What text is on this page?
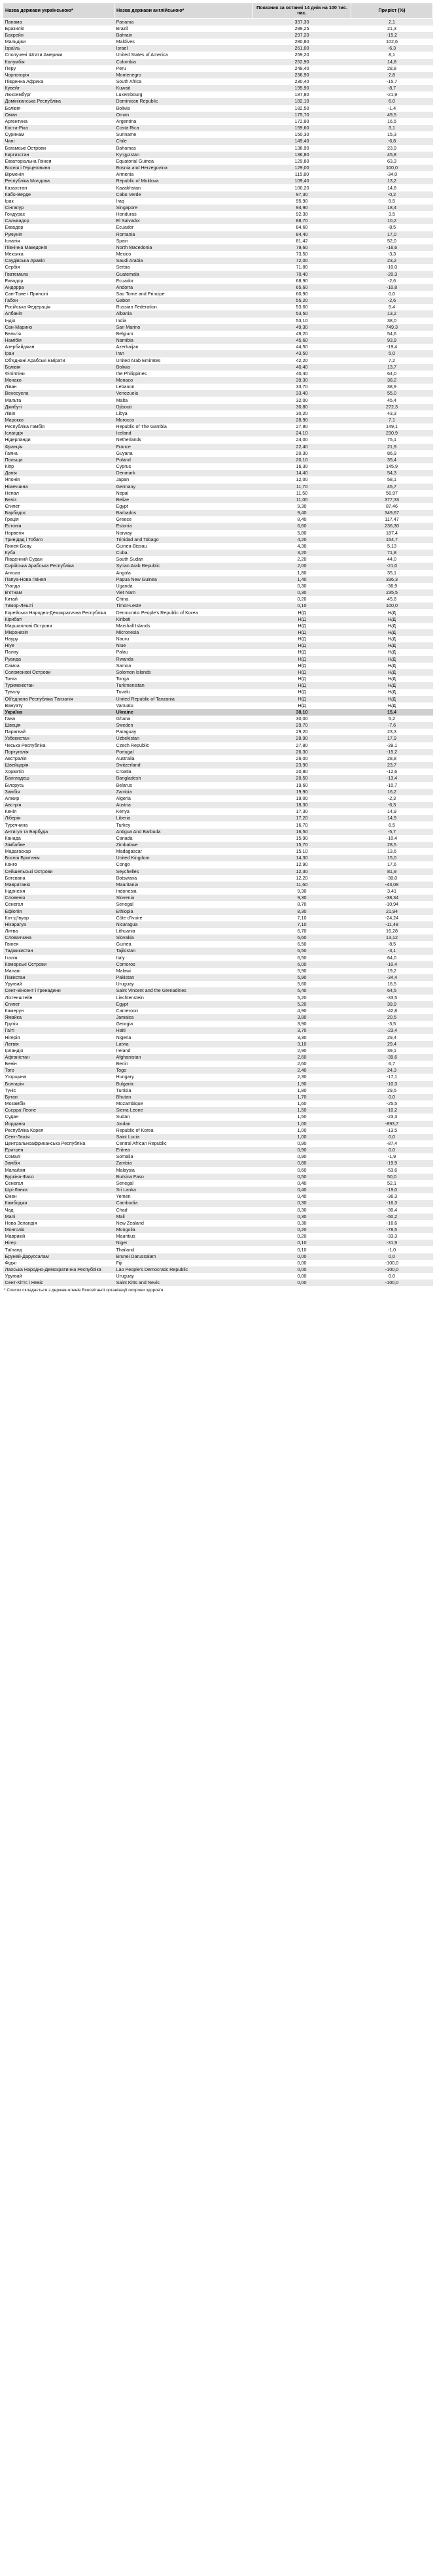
Назва держави українською*	Назва держави англійською*	Показник за останні 14 днів на 100 тис. нас.	Приріст (%)
Панама	Panama	337,30	2,1
Бразилія	Brazil	299,25	21,3
Бахрейн	Bahrain	297,20	-15,2
Мальдіви	Maldives	280,80	102,6
Ізраїль	Israel	261,00	-6,3
Сполучені Штати Америки	United States of America	259,20	8,1
Колумбія	Colombia	252,90	14,8
Перу	Peru	249,40	28,8
Чорногорія	Montenegro	236,90	2,8
Південна Африка	South Africa	230,40	-15,7
Кувейт	Kuwait	195,90	-8,7
Люксембург	Luxembourg	187,80	-21,9
Домініканська Республіка	Dominican Republic	182,10	6,0
Болівія	Bolivia	182,50	-1,4
Оман	Oman	175,70	49,5
Аргентина	Argentina	172,90	16,5
Коста-Ріка	Costa Rica	159,60	3,1
Суринам	Suriname	150,30	15,3
Чилі	Chile	149,40	-6,8
Багамські Острови	Bahamas	138,90	23,9
Киргизстан	Kyrgyzstan	136,80	45,8
Екваторіальна Гвінея	Equatorial Guinea	129,80	63,3
Боснія і Герцеговина	Bosnia and Herzegovina	129,00	100,0
Вірменія	Armenia	115,80	-34,0
Республіка Молдова	Republic of Moldova	109,40	13,2
Казахстан	Kazakhstan	100,20	14,8
Кабо-Верде	Cabo Verde	97,30	-0,2
Ірак	Iraq	95,90	9,5
Сінгапур	Singapore	94,90	18,4
Гондурас	Honduras	92,30	3,5
Сальвадор	El Salvador	88,70	10,2
Еквадор	Ecuador	84,60	-8,5
Румунія	Romania	84,40	17,0
Іспанія	Spain	81,42	52,0
Північна Македонія	North Macedonia	79,60	-16,6
Мексика	Mexico	73,50	-3,3
Саудівська Аравія	Saudi Arabia	72,00	23,2
Сербія	Serbia	71,80	-10,0
Гватемала	Guatemala	70,40	-20,3
Еквадор	Ecuador	68,90	-2,6
Андорра	Andorra	65,60	-10,8
Сан-Томе і Принсіпі	Sao Tome and Principe	60,90	0,0
Габон	Gabon	55,20	-2,6
Російська Федерація	Russian Federation	53,60	5,4
Албанія	Albania	53,50	13,2
Індія	India	53,10	38,0
Сан-Марино	San Marino	49,30	749,3
Бельгія	Belgium	49,20	54,6
Намібія	Namibia	45,60	93,9
Азербайджан	Azerbaijan	44,50	-19,4
Іран	Iran	43,50	5,0
Об'єднані Арабські Емірати	United Arab Emirates	42,20	7,2
Болівія	Bolivia	40,40	13,7
Філіппіни	the Philippines	40,40	64,0
Монако	Monaco	39,30	38,2
Ліван	Lebanon	33,70	38,9
Венесуела	Venezuela	33,40	55,0
Мальта	Malta	32,00	45,4
Джибуті	Djibouti	30,80	272,3
Лівія	Libya	30,20	43,3
Марокко	Morocco	28,90	7,1
Республіка Гамбія	Republic of The Gambia	27,80	149,1
Ісландія	Iceland	24,10	230,9
Нідерланди	Netherlands	24,00	75,1
Франція	France	22,40	21,9
Гаяна	Guyana	20,30	86,9
Польща	Poland	20,10	35,4
Кіпр	Cyprus	16,30	145,9
Данія	Denmark	14,40	54,3
Японія	Japan	12,00	58,1
Німеччина	Germany	11,70	45,7
Непал	Nepal	11,50	56,97
Беліз	Belize	11,00	377,33
Єгипет	Egypt	9,30	87,46
Барбадос	Barbados	9,40	349,67
Греція	Greece	8,40	117,47
Естонія	Estonia	6,60	236,30
Норвегія	Norway	5,80	187,4
Тринідад і Тобаго	Trinidad and Tobago	4,20	154,7
Гвінея-Бісау	Guinea-Bissau	4,30	5,13
Куба	Cuba	3,20	71,8
Південний Судан	South Sudan	2,20	44,0
Сирійська Арабська Республіка	Syrian Arab Republic	2,00	-21,0
Ангола	Angola	1,80	35,1
Папуа-Нова Гвінея	Papua New Guinea	1,40	336,3
Уганда	Uganda	0,30	-36,9
В'єтнам	Viet Nam	0,30	235,5
Китай	China	0,20	45,8
Тимор-Лешті	Timor-Leste	0,10	100,0
Корейська Народно-Демократична Республіка	Democratic People's Republic of Korea	Н/Д	Н/Д
Кірибаті	Kiribati	Н/Д	Н/Д
Маршаллові Острови	Marshall Islands	Н/Д	Н/Д
Мікронезія	Micronesia	Н/Д	Н/Д
Науру	Nauru	Н/Д	Н/Д
Ніуе	Niue	Н/Д	Н/Д
Палау	Palau	Н/Д	Н/Д
Руанда	Rwanda	Н/Д	Н/Д
Самоа	Samoa	Н/Д	Н/Д
Соломонові Острови	Solomon Islands	Н/Д	Н/Д
Тонга	Tonga	Н/Д	Н/Д
Туркменістан	Turkmenistan	Н/Д	Н/Д
Тувалу	Tuvalu	Н/Д	Н/Д
Об'єднана Республіка Танзанія	United Republic of Tanzania	Н/Д	Н/Д
Вануату	Vanuatu	Н/Д	Н/Д
Україна	Ukraine	38,10	15,4
Гана	Ghana	30,00	5,2
Швеція	Sweden	29,70	-7,6
Парагвай	Paraguay	29,20	23,3
Узбекистан	Uzbekistan	28,90	17,9
Чеська Республіка	Czech Republic	27,80	-39,1
Португалія	Portugal	26,30	-15,2
Австралія	Australia	26,00	28,8
Швейцарія	Switzerland	23,90	23,7
Хорватія	Croatia	20,80	-12,6
Бангладеш	Bangladesh	20,50	-13,4
Білорусь	Belarus	19,60	-10,7
Замбія	Zambia	19,90	16,2
Алжир	Algeria	19,00	-2,3
Австрія	Austria	18,30	-6,3
Кенія	Kenya	17,30	14,9
Ліберія	Liberia	17,20	14,9
Туреччина	Turkey	16,70	6,5
Антигуа та Барбуда	Antigua And Barbuda	16,50	-5,7
Канада	Canada	15,90	-10,4
Зімбабве	Zimbabwe	15,70	28,5
Мадагаскар	Madagascar	15,10	13,6
Боснія Британія	United Kingdom	14,30	15,0
Конго	Congo	12,90	17,6
Сейшельські Острови	Seychelles	12,30	81,9
Ботсвана	Botswana	12,20	-30,0
Мавританія	Mauritania	11,60	-43,08
Індонезія	Indonesia	9,30	3,41
Словенія	Slovenia	9,30	-38,34
Сенегал	Senegal	8,70	-10,94
Ефіопія	Ethiopia	8,30	21,94
Кот-д'Івуар	Côte d'Ivoire	7,10	-24,24
Нікарагуа	Nicaragua	7,10	-11,48
Литва	Lithuania	6,70	16,28
Словаччина	Slovakia	6,60	13,12
Гвінея	Guinea	6,50	-8,5
Таджикистан	Tajikistan	6,50	-3,1
Італія	Italy	6,50	64,0
Коморські Острови	Comoros	6,00	-10,4
Малаві	Malawi	5,90	19,2
Пакистан	Pakistan	5,90	-34,4
Уругвай	Uruguay	5,60	16,5
Сент-Вінсент і Гренадини	Saint Vincent and the Grenadines	5,40	64,5
Ліхтенштейн	Liechtenstein	5,20	-33,5
Єгипет	Egypt	5,20	39,9
Камерун	Cameroon	4,90	-42,8
Ямайка	Jamaica	3,80	20,5
Грузія	Georgia	3,90	-3,5
Гаїті	Haiti	3,70	-23,4
Нігерія	Nigeria	3,30	29,4
Латвія	Latvia	3,10	29,4
Ірландія	Ireland	2,90	39,1
Афганістан	Afghanistan	2,60	-39,6
Бенін	Benin	2,60	6,7
Того	Togo	2,40	24,3
Угорщина	Hungary	2,30	-17,1
Болгарія	Bulgaria	1,90	-10,3
Туніс	Tunisia	1,80	29,5
Бутан	Bhutan	1,70	0,0
Мозамбік	Mozambique	1,60	-25,5
Сьєрра-Леоне	Sierra Leone	1,50	-10,2
Судан	Sudan	1,50	-23,3
Йорданія	Jordan	1,00	-893,7
Республіка Корея	Republic of Korea	1,00	-13,5
Сент-Люсія	Saint Lucia	1,00	0,0
Центральноафриканська Республіка	Central African Republic	0,90	-87,4
Еритрея	Eritrea	0,90	0,0
Сомалі	Somalia	0,90	-1,9
Замбія	Zambia	0,80	-19,9
Малайзія	Malaysia	0,60	-53,6
Буркіна-Фасо	Burkina Faso	0,50	50,0
Сенегал	Senegal	0,40	52,1
Шрі-Ланка	Sri Lanka	0,40	-19,0
Ємен	Yemen	0,40	-36,3
Камбоджа	Cambodia	0,30	-16,3
Чад	Chad	0,30	-30,4
Малі	Mali	0,30	-50,2
Нова Зеландія	New Zealand	0,30	-16,6
Монголія	Mongolia	0,20	-78,5
Маврикій	Mauritius	0,20	-33,3
Нігер	Niger	0,10	-31,9
Таїланд	Thailand	0,10	-1,0
Бруней-Даруссалам	Brunei Darussalam	0,00	0,0
Фіджі	Fiji	0,00	-100,0
Лаоська Народно-Демократична Республіка	Lao People's Democratic Republic	0,00	-100,0
Уругвай	Uruguay	0,00	0,0
Сент-Кіттс і Невіс	Saint Kitts and Nevis	0,00	-100,0
* Список складається з держав-членів Всесвітньої організації охорони здоров'я
